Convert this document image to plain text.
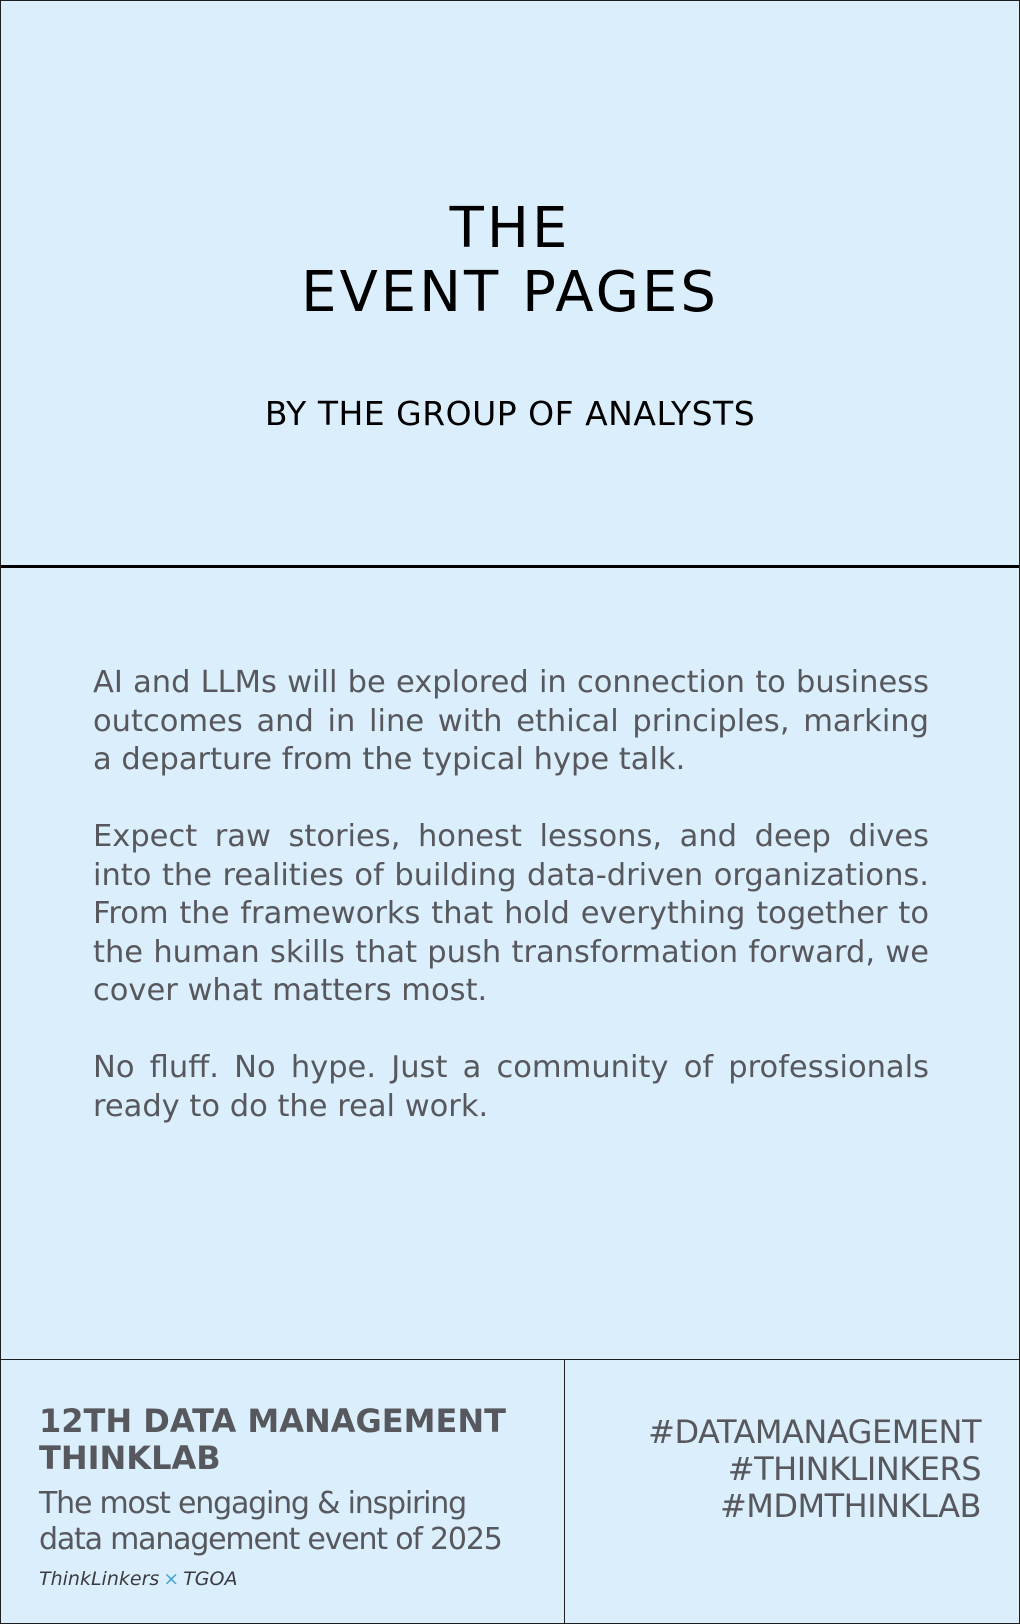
THE
EVENT PAGES
BY THE GROUP OF ANALYSTS

AI and LLMs will be explored in connection to business outcomes and in line with ethical principles, marking a departure from the typical hype talk.

Expect raw stories, honest lessons, and deep dives into the realities of building data-driven organizations. From the frameworks that hold everything together to the human skills that push transformation forward, we cover what matters most.

No fluff. No hype. Just a community of professionals ready to do the real work.

12TH DATA MANAGEMENT
THINKLAB
The most engaging & inspiring
data management event of 2025
ThinkLinkers × TGOA
#DATAMANAGEMENT
#THINKLINKERS
#MDMTHINKLAB
